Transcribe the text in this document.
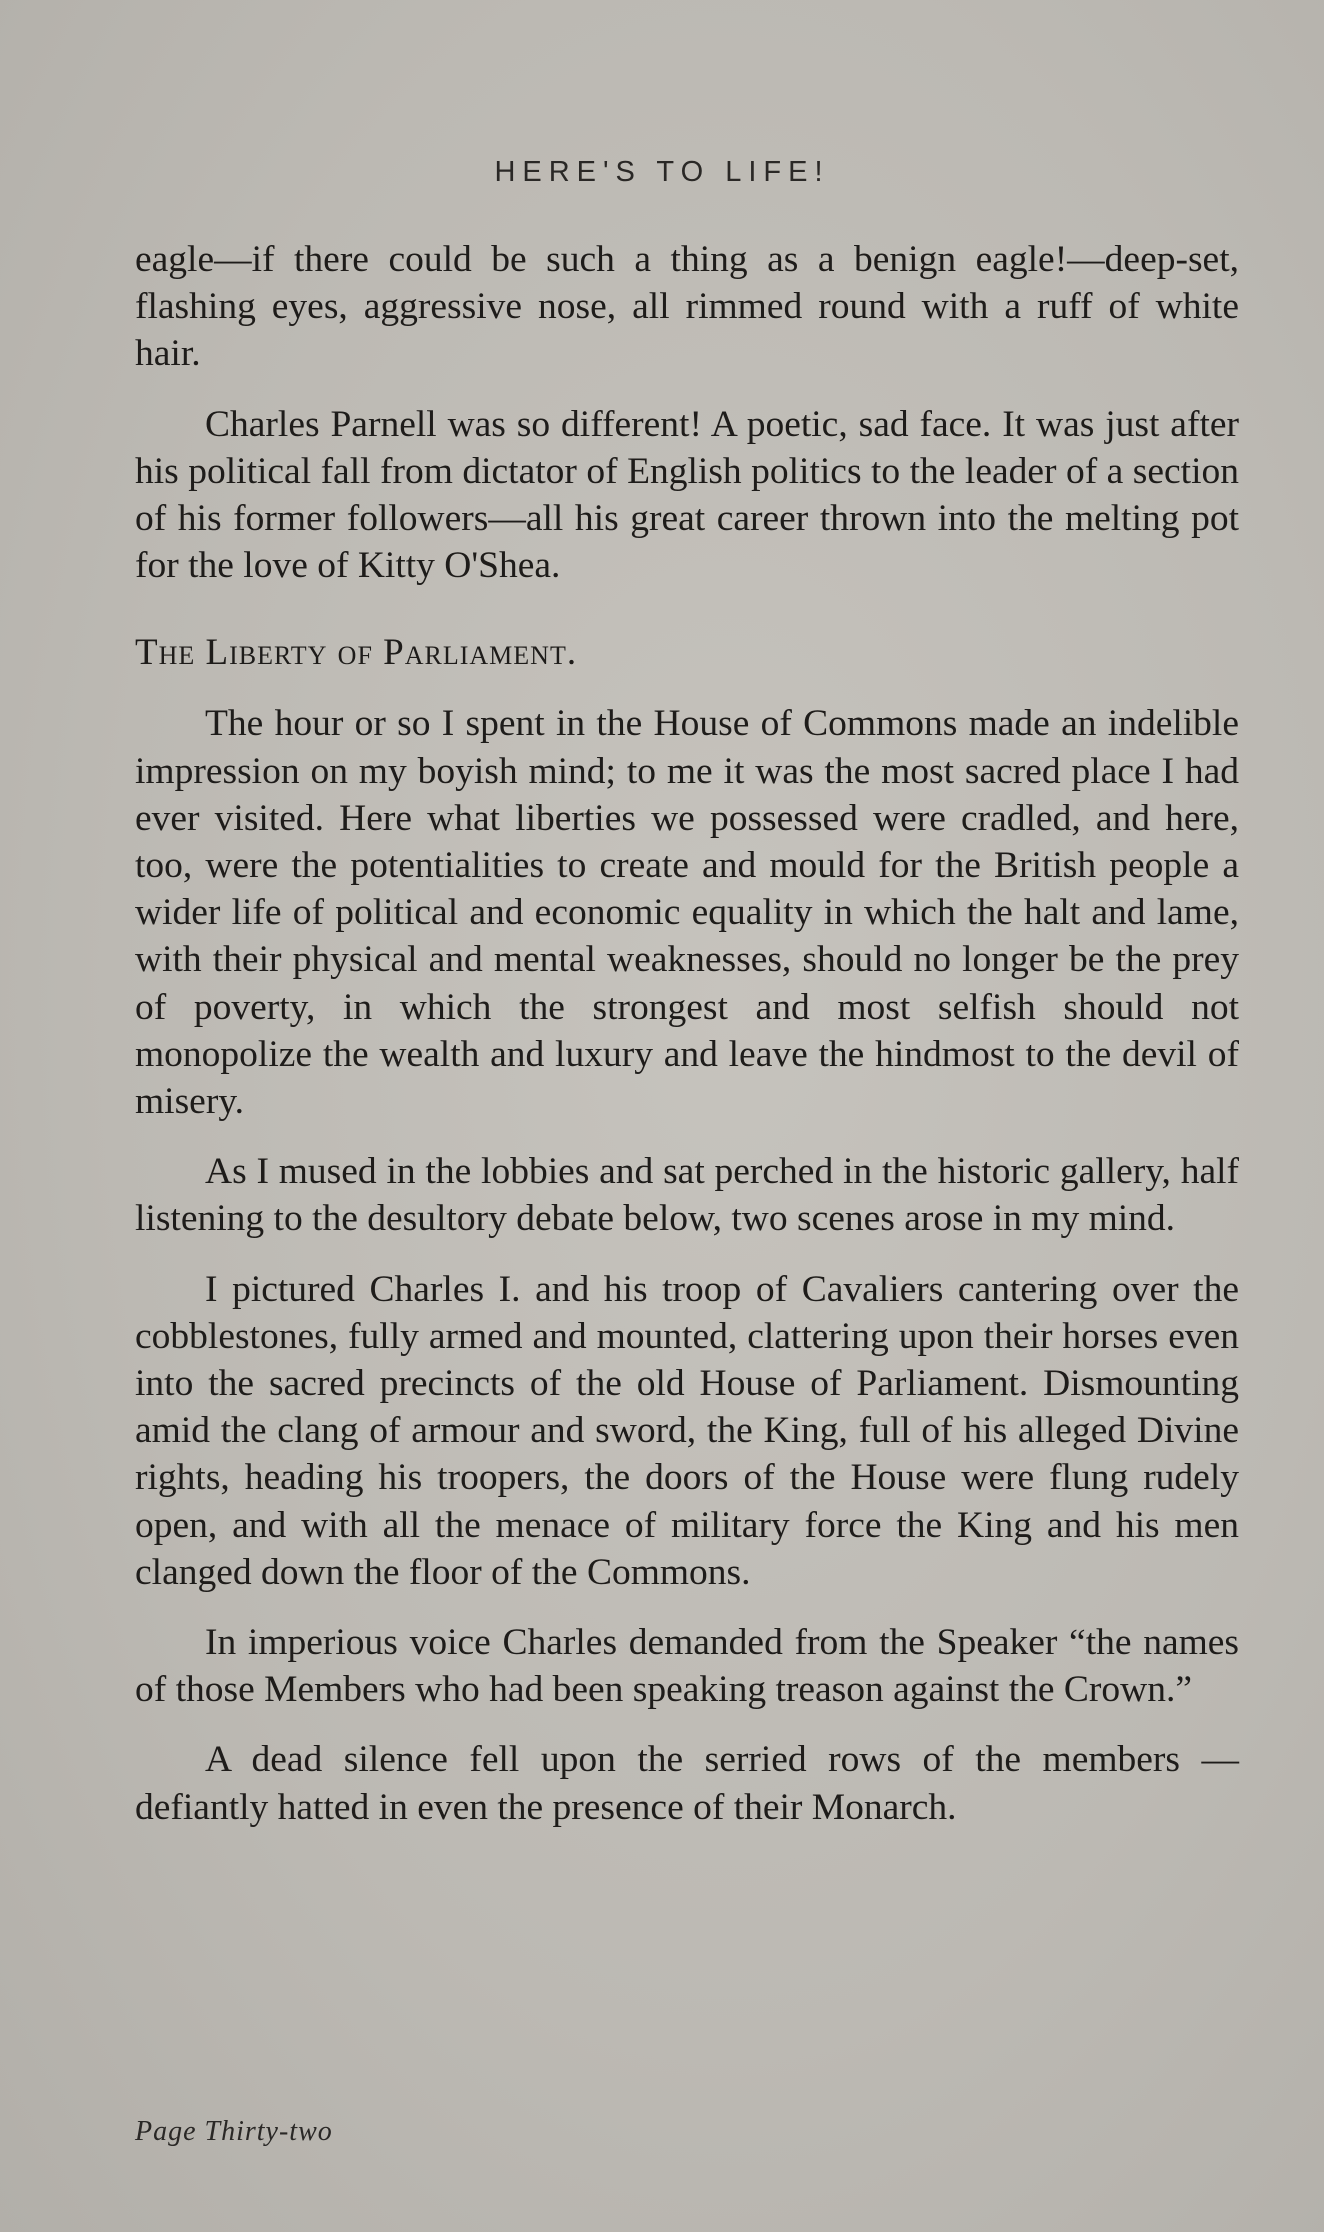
HERE'S TO LIFE!

eagle—if there could be such a thing as a benign eagle!—deep-set, flashing eyes, aggressive nose, all rimmed round with a ruff of white hair.

Charles Parnell was so different! A poetic, sad face. It was just after his political fall from dictator of English politics to the leader of a section of his former followers—all his great career thrown into the melting pot for the love of Kitty O'Shea.

The Liberty of Parliament.

The hour or so I spent in the House of Commons made an indelible impression on my boyish mind; to me it was the most sacred place I had ever visited. Here what liberties we possessed were cradled, and here, too, were the potentialities to create and mould for the British people a wider life of political and economic equality in which the halt and lame, with their physical and mental weaknesses, should no longer be the prey of poverty, in which the strongest and most selfish should not monopolize the wealth and luxury and leave the hindmost to the devil of misery.

As I mused in the lobbies and sat perched in the historic gallery, half listening to the desultory debate below, two scenes arose in my mind.

I pictured Charles I. and his troop of Cavaliers cantering over the cobblestones, fully armed and mounted, clattering upon their horses even into the sacred precincts of the old House of Parliament. Dismounting amid the clang of armour and sword, the King, full of his alleged Divine rights, heading his troopers, the doors of the House were flung rudely open, and with all the menace of military force the King and his men clanged down the floor of the Commons.

In imperious voice Charles demanded from the Speaker “the names of those Members who had been speaking treason against the Crown.”

A dead silence fell upon the serried rows of the members —defiantly hatted in even the presence of their Monarch.

Page Thirty-two
